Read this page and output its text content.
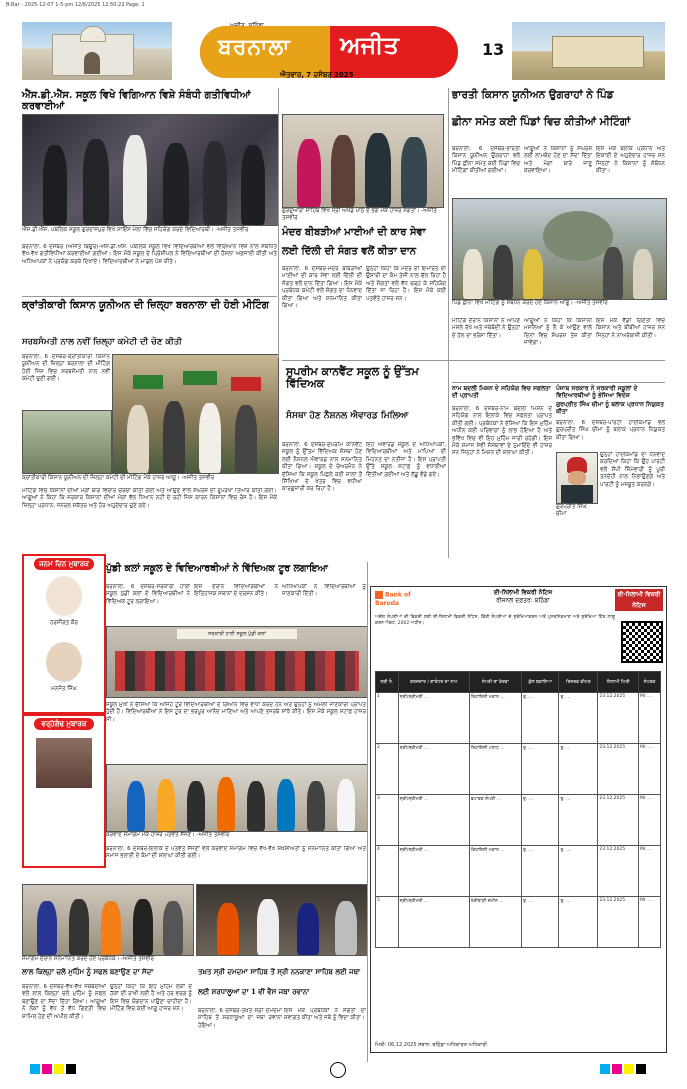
B-Bar - 2025-12-07 1-5-pm 12/6/2025 12:50:22 Page: 1
ਬਰਨਾਲਾ ਅਜੀਤ
ਐਤਵਾਰ, 7 ਦਸੰਬਰ 2025
13
ਐੱਸ.ਡੀ.ਐੱਸ. ਸਕੂਲ ਵਿਖੇ ਵਿਗਿਆਨ ਵਿਸ਼ੇ ਸੰਬੰਧੀ ਗਤੀਵਿਧੀਆਂ ਕਰਵਾਈਆਂ
ਐੱਸ.ਡੀ.ਐੱਸ. ਪਬਲਿਕ ਸਕੂਲ ਗੁਰਦਾਸਪੁਰ ਵਿਖੇ ਸਾਇੰਸ ਮੇਲਾ ਵਿੱਚ ਸਹਿਯੋਗ ਕਰਦੇ ਵਿਦਿਆਰਥੀ। -ਅਜੀਤ ਤਸਵੀਰ
ਬਰਨਾਲਾ, 6 ਦਸੰਬਰ (ਅਜੀਤ ਬਿਊਰੋ)-ਐੱਸ.ਡੀ.ਐੱਸ. ਪਬਲਿਕ ਸਕੂਲ ਵਿਖੇ ਵਿਦਿਆਰਥੀਆਂ ਵਲੋਂ ਵਿਗਿਆਨ ਵਿਸ਼ੇ ਨਾਲ ਸੰਬੰਧਿਤ ਵੱਖ-ਵੱਖ ਗਤੀਵਿਧੀਆਂ ਕਰਵਾਈਆਂ ਗਈਆਂ। ਇਸ ਮੌਕੇ ਸਕੂਲ ਦੇ ਪ੍ਰਿੰਸੀਪਲ ਨੇ ਵਿਦਿਆਰਥੀਆਂ ਦੀ ਹੌਸਲਾ ਅਫ਼ਜਾਈ ਕੀਤੀ ਅਤੇ ਅਧਿਆਪਕਾਂ ਨੇ ਪ੍ਰਯੋਗ ਕਰਕੇ ਦਿਖਾਏ। ਵਿਦਿਆਰਥੀਆਂ ਨੇ ਮਾਡਲ ਪੇਸ਼ ਕੀਤੇ।
ਕ੍ਰਾਂਤੀਕਾਰੀ ਕਿਸਾਨ ਯੂਨੀਅਨ ਦੀ ਜ਼ਿਲ੍ਹਾ ਬਰਨਾਲਾ ਦੀ ਹੋਈ ਮੀਟਿੰਗ
ਸਰਬਸੰਮਤੀ ਨਾਲ ਨਵੀਂ ਜ਼ਿਲ੍ਹਾ ਕਮੇਟੀ ਦੀ ਚੋਣ ਕੀਤੀ
ਬਰਨਾਲਾ, 6 ਦਸੰਬਰ-ਕ੍ਰਾਂਤੀਕਾਰੀ ਕਿਸਾਨ ਯੂਨੀਅਨ ਦੀ ਜ਼ਿਲ੍ਹਾ ਬਰਨਾਲਾ ਦੀ ਮੀਟਿੰਗ ਹੋਈ ਜਿਸ ਵਿਚ ਸਰਬਸੰਮਤੀ ਨਾਲ ਨਵੀਂ ਕਮੇਟੀ ਚੁਣੀ ਗਈ।
ਕ੍ਰਾਂਤੀਕਾਰੀ ਕਿਸਾਨ ਯੂਨੀਅਨ ਦੀ ਜ਼ਿਲ੍ਹਾ ਕਮੇਟੀ ਦੀ ਮੀਟਿੰਗ ਮੌਕੇ ਹਾਜ਼ਰ ਆਗੂ। -ਅਜੀਤ ਤਸਵੀਰ
ਮੀਟਿੰਗ ਵਿਚ ਕਿਸਾਨਾਂ ਦੀਆਂ ਮੰਗਾਂ ਬਾਰੇ ਵਿਚਾਰ ਚਰਚਾ ਕੀਤੀ ਗਈ ਅਤੇ ਆਉਣ ਵਾਲੇ ਸੰਘਰਸ਼ ਦੀ ਰੂਪਰੇਖਾ ਤਿਆਰ ਕੀਤੀ ਗਈ। ਆਗੂਆਂ ਨੇ ਕਿਹਾ ਕਿ ਸਰਕਾਰ ਕਿਸਾਨਾਂ ਦੀਆਂ ਮੰਗਾਂ ਵੱਲ ਧਿਆਨ ਨਹੀਂ ਦੇ ਰਹੀ ਜਿਸ ਕਾਰਨ ਕਿਸਾਨਾਂ ਵਿਚ ਰੋਸ ਹੈ। ਇਸ ਮੌਕੇ ਜ਼ਿਲ੍ਹਾ ਪ੍ਰਧਾਨ, ਜਨਰਲ ਸਕੱਤਰ ਅਤੇ ਹੋਰ ਅਹੁਦੇਦਾਰ ਚੁਣੇ ਗਏ।
ਗੁਰਦੁਆਰਾ ਸਾਹਿਬ ਵਿਖੇ ਸ੍ਰੀ ਅਖੰਡ ਪਾਠ ਦੇ ਭੋਗ ਮੌਕੇ ਹਾਜ਼ਰ ਸੰਗਤਾਂ। -ਅਜੀਤ ਤਸਵੀਰ
ਮੰਦਰ ਬੀਬੜੀਆਂ ਮਾਈਆਂ ਦੀ ਕਾਰ ਸੇਵਾ
ਲਈ ਦਿੱਲੀ ਦੀ ਸੰਗਤ ਵਲੋਂ ਕੀਤਾ ਦਾਨ
ਬਰਨਾਲਾ, 6 ਦਸੰਬਰ-ਮੰਦਰ ਬੀਬੜੀਆਂ ਮਾਈਆਂ ਦੀ ਕਾਰ ਸੇਵਾ ਲਈ ਦਿੱਲੀ ਦੀ ਸੰਗਤ ਵਲੋਂ ਦਾਨ ਦਿੱਤਾ ਗਿਆ। ਇਸ ਮੌਕੇ ਪ੍ਰਬੰਧਕ ਕਮੇਟੀ ਵਲੋਂ ਸੰਗਤ ਦਾ ਧੰਨਵਾਦ ਕੀਤਾ ਗਿਆ ਅਤੇ ਸਨਮਾਨਿਤ ਕੀਤਾ ਗਿਆ।
ਉਨ੍ਹਾਂ ਕਿਹਾ ਕਿ ਮੰਦਰ ਦੀ ਇਮਾਰਤ ਦੀ ਉਸਾਰੀ ਦਾ ਕੰਮ ਤੇਜ਼ੀ ਨਾਲ ਚੱਲ ਰਿਹਾ ਹੈ ਅਤੇ ਸੰਗਤਾਂ ਵਲੋਂ ਵੱਧ ਚੜ੍ਹ ਕੇ ਸਹਿਯੋਗ ਦਿੱਤਾ ਜਾ ਰਿਹਾ ਹੈ। ਇਸ ਮੌਕੇ ਕਈ ਪਤਵੰਤੇ ਹਾਜ਼ਰ ਸਨ।
ਸੁਪਰੀਮ ਕਾਨਵੈਂਟ ਸਕੂਲ ਨੂੰ ਉੱਤਮ ਵਿੱਦਿਅਕ
ਸੰਸਥਾ ਹੋਣ ਨੈਸ਼ਨਲ ਐਵਾਰਡ ਮਿਲਿਆ
ਬਰਨਾਲਾ, 6 ਦਸੰਬਰ-ਸੁਪਰੀਮ ਕਾਨਵੈਂਟ ਸਕੂਲ ਨੂੰ ਉੱਤਮ ਵਿੱਦਿਅਕ ਸੰਸਥਾ ਹੋਣ ਲਈ ਨੈਸ਼ਨਲ ਐਵਾਰਡ ਨਾਲ ਸਨਮਾਨਿਤ ਕੀਤਾ ਗਿਆ। ਸਕੂਲ ਦੇ ਚੇਅਰਮੈਨ ਨੇ ਦੱਸਿਆ ਕਿ ਸਕੂਲ ਪਿਛਲੇ ਕਈ ਸਾਲਾਂ ਤੋਂ ਸਿੱਖਿਆ ਦੇ ਖੇਤਰ ਵਿਚ ਵਧੀਆ ਕਾਰਗੁਜ਼ਾਰੀ ਕਰ ਰਿਹਾ ਹੈ।
ਇਹ ਐਵਾਰਡ ਸਕੂਲ ਦੇ ਅਧਿਆਪਕਾਂ, ਵਿਦਿਆਰਥੀਆਂ ਅਤੇ ਮਾਪਿਆਂ ਦੀ ਮਿਹਨਤ ਦਾ ਨਤੀਜਾ ਹੈ। ਇਸ ਪ੍ਰਾਪਤੀ ਉੱਤੇ ਸਕੂਲ ਸਟਾਫ਼ ਨੂੰ ਵਧਾਈਆਂ ਦਿੱਤੀਆਂ ਗਈਆਂ ਅਤੇ ਲੱਡੂ ਵੰਡੇ ਗਏ।
ਭਾਰਤੀ ਕਿਸਾਨ ਯੂਨੀਅਨ ਉਗਰਾਹਾਂ ਨੇ ਪਿੰਡ
ਛੀਨਾ ਸਮੇਤ ਕਈ ਪਿੰਡਾਂ ਵਿਚ ਕੀਤੀਆਂ ਮੀਟਿੰਗਾਂ
ਬਰਨਾਲਾ, 6 ਦਸੰਬਰ-ਭਾਰਤੀ ਕਿਸਾਨ ਯੂਨੀਅਨ ਉਗਰਾਹਾਂ ਵਲੋਂ ਪਿੰਡ ਛੀਨਾ ਸਮੇਤ ਕਈ ਪਿੰਡਾਂ ਵਿਚ ਮੀਟਿੰਗਾਂ ਕੀਤੀਆਂ ਗਈਆਂ।
ਆਗੂਆਂ ਨੇ ਕਿਸਾਨਾਂ ਨੂੰ ਸੰਘਰਸ਼ ਲਈ ਲਾਮਬੰਦ ਹੋਣ ਦਾ ਸੱਦਾ ਦਿੱਤਾ ਅਤੇ ਮੰਗਾਂ ਬਾਰੇ ਜਾਣੂ ਕਰਵਾਇਆ।
ਇਸ ਮੌਕੇ ਬਲਾਕ ਪ੍ਰਧਾਨ ਅਤੇ ਇਕਾਈ ਦੇ ਅਹੁਦੇਦਾਰ ਹਾਜ਼ਰ ਸਨ ਜਿਨ੍ਹਾਂ ਨੇ ਕਿਸਾਨਾਂ ਨੂੰ ਸੰਬੋਧਨ ਕੀਤਾ।
ਪਿੰਡ ਛੀਨਾ ਵਿਖੇ ਮੀਟਿੰਗ ਨੂੰ ਸੰਬੋਧਨ ਕਰਦੇ ਹੋਏ ਕਿਸਾਨ ਆਗੂ। -ਅਜੀਤ ਤਸਵੀਰ
ਮੀਟਿੰਗ ਦੌਰਾਨ ਕਿਸਾਨਾਂ ਨੇ ਆਪਣੇ ਮਸਲੇ ਰੱਖੇ ਅਤੇ ਜਥੇਬੰਦੀ ਨੇ ਉਨ੍ਹਾਂ ਦੇ ਹੱਲ ਦਾ ਭਰੋਸਾ ਦਿੱਤਾ।
ਆਗੂਆਂ ਨੇ ਕਿਹਾ ਕਿ ਕਿਸਾਨੀ ਮਸਲਿਆਂ ਨੂੰ ਲੈ ਕੇ ਆਉਣ ਵਾਲੇ ਦਿਨਾਂ ਵਿਚ ਸੰਘਰਸ਼ ਤੇਜ਼ ਕੀਤਾ ਜਾਵੇਗਾ।
ਇਸ ਮੌਕੇ ਵੱਡੀ ਗਿਣਤੀ ਵਿਚ ਕਿਸਾਨ ਅਤੇ ਬੀਬੀਆਂ ਹਾਜ਼ਰ ਸਨ ਜਿਨ੍ਹਾਂ ਨੇ ਨਾਅਰੇਬਾਜ਼ੀ ਕੀਤੀ।
ਨਾਮ ਬਦਲੀ ਮਿਸ਼ਨ ਦੇ ਸਹਿਯੋਗ ਵਿਚ ਸਫਲਤਾ ਦੀ ਪ੍ਰਾਪਤੀ
ਬਰਨਾਲਾ, 6 ਦਸੰਬਰ-ਨਾਮ ਬਦਲੀ ਮਿਸ਼ਨ ਦੇ ਸਹਿਯੋਗ ਨਾਲ ਇਲਾਕੇ ਵਿਚ ਸਫਲਤਾ ਪ੍ਰਾਪਤ ਕੀਤੀ ਗਈ। ਪ੍ਰਬੰਧਕਾਂ ਨੇ ਦੱਸਿਆ ਕਿ ਇਸ ਮੁਹਿੰਮ ਅਧੀਨ ਕਈ ਪਰਿਵਾਰਾਂ ਨੂੰ ਲਾਭ ਹੋਇਆ ਹੈ ਅਤੇ ਭਵਿੱਖ ਵਿਚ ਵੀ ਇਹ ਮੁਹਿੰਮ ਜਾਰੀ ਰਹੇਗੀ। ਇਸ ਮੌਕੇ ਸਮਾਜ ਸੇਵੀ ਸੰਸਥਾਵਾਂ ਦੇ ਨੁਮਾਇੰਦੇ ਵੀ ਹਾਜ਼ਰ ਸਨ ਜਿਨ੍ਹਾਂ ਨੇ ਮਿਸ਼ਨ ਦੀ ਸ਼ਲਾਘਾ ਕੀਤੀ।
ਪੰਜਾਬ ਸਰਕਾਰ ਨੇ ਸਰਕਾਰੀ ਸਕੂਲਾਂ ਦੇ ਵਿਦਿਆਰਥੀਆਂ ਨੂੰ ਭੇਜਿਆ ਵਿਦੇਸ਼
ਗੁਰਪ੍ਰੀਤ ਸਿੰਘ ਚੀਮਾ ਨੂੰ ਬਲਾਕ ਪ੍ਰਧਾਨ ਨਿਯੁਕਤ ਕੀਤਾ
ਬਰਨਾਲਾ, 6 ਦਸੰਬਰ-ਪਾਰਟੀ ਹਾਈਕਮਾਂਡ ਵਲੋਂ ਗੁਰਪ੍ਰੀਤ ਸਿੰਘ ਚੀਮਾ ਨੂੰ ਬਲਾਕ ਪ੍ਰਧਾਨ ਨਿਯੁਕਤ ਕੀਤਾ ਗਿਆ।
ਗੁਰਪ੍ਰੀਤ ਸਿੰਘ ਚੀਮਾ
ਉਨ੍ਹਾਂ ਹਾਈਕਮਾਂਡ ਦਾ ਧੰਨਵਾਦ ਕਰਦਿਆਂ ਕਿਹਾ ਕਿ ਉਹ ਪਾਰਟੀ ਵਲੋਂ ਸੌਂਪੀ ਜ਼ਿੰਮੇਵਾਰੀ ਨੂੰ ਪੂਰੀ ਤਨਦੇਹੀ ਨਾਲ ਨਿਭਾਉਣਗੇ ਅਤੇ ਪਾਰਟੀ ਨੂੰ ਮਜ਼ਬੂਤ ਕਰਨਗੇ।
ਜਨਮ ਦਿਨ ਮੁਬਾਰਕ
ਹਰਸੀਰਤ ਕੌਰ
ਮਨਜੋਤ ਸਿੰਘ
ਵਰ੍ਹੇਗੰਢ ਮੁਬਾਰਕ
ਪੁੱਡੀ ਕਲਾਂ ਸਕੂਲ ਦੇ ਵਿਦਿਆਰਥੀਆਂ ਨੇ ਵਿੱਦਿਅਕ ਟੂਰ ਲਗਾਇਆ
ਬਰਨਾਲਾ, 6 ਦਸੰਬਰ-ਸਰਕਾਰੀ ਹਾਈ ਸਕੂਲ ਪੁੱਡੀ ਕਲਾਂ ਦੇ ਵਿਦਿਆਰਥੀਆਂ ਨੇ ਵਿੱਦਿਅਕ ਟੂਰ ਲਗਾਇਆ।
ਇਸ ਦੌਰਾਨ ਵਿਦਿਆਰਥੀਆਂ ਨੇ ਇਤਿਹਾਸਕ ਸਥਾਨਾਂ ਦੇ ਦਰਸ਼ਨ ਕੀਤੇ।
ਅਧਿਆਪਕਾਂ ਨੇ ਵਿਦਿਆਰਥੀਆਂ ਨੂੰ ਜਾਣਕਾਰੀ ਦਿੱਤੀ।
ਸਰਕਾਰੀ ਹਾਈ ਸਕੂਲ ਪੁੱਡੀ ਕਲਾਂ
ਸਕੂਲ ਮੁਖੀ ਨੇ ਦੱਸਿਆ ਕਿ ਅਜਿਹੇ ਟੂਰ ਵਿਦਿਆਰਥੀਆਂ ਦੇ ਗਿਆਨ ਵਿਚ ਵਾਧਾ ਕਰਦੇ ਹਨ ਅਤੇ ਉਨ੍ਹਾਂ ਨੂੰ ਅਮਲੀ ਜਾਣਕਾਰੀ ਪ੍ਰਾਪਤ ਹੁੰਦੀ ਹੈ। ਵਿਦਿਆਰਥੀਆਂ ਨੇ ਇਸ ਟੂਰ ਦਾ ਭਰਪੂਰ ਆਨੰਦ ਮਾਣਿਆ ਅਤੇ ਆਪਣੇ ਤਜਰਬੇ ਸਾਂਝੇ ਕੀਤੇ। ਇਸ ਮੌਕੇ ਸਕੂਲ ਸਟਾਫ਼ ਹਾਜ਼ਰ ਸੀ।
ਕਰਵਾਏ ਸਮਾਗਮ ਮੌਕੇ ਹਾਜ਼ਰ ਪਤਵੰਤੇ ਸੱਜਣ। -ਅਜੀਤ ਤਸਵੀਰ
ਬਰਨਾਲਾ, 6 ਦਸੰਬਰ-ਇਲਾਕੇ ਦੇ ਪਤਵੰਤੇ ਸੱਜਣਾਂ ਵਲੋਂ ਕਰਵਾਏ ਸਮਾਗਮ ਵਿਚ ਵੱਖ-ਵੱਖ ਸ਼ਖ਼ਸੀਅਤਾਂ ਨੂੰ ਸਨਮਾਨਿਤ ਕੀਤਾ ਗਿਆ ਅਤੇ ਸਮਾਜ ਭਲਾਈ ਦੇ ਕੰਮਾਂ ਦੀ ਸ਼ਲਾਘਾ ਕੀਤੀ ਗਈ।
ਸਮਾਗਮ ਦੌਰਾਨ ਸਨਮਾਨਿਤ ਕਰਦੇ ਹੋਏ ਪ੍ਰਬੰਧਕ। -ਅਜੀਤ ਤਸਵੀਰ
ਲਾਲ ਕਿਲ੍ਹਾ ਚਲੋ ਮੁਹਿੰਮ ਨੂੰ ਸਫਲ ਬਣਾਉਣ ਦਾ ਸੱਦਾ
ਬਰਨਾਲਾ, 6 ਦਸੰਬਰ-ਵੱਖ-ਵੱਖ ਜਥੇਬੰਦੀਆਂ ਵਲੋਂ ਲਾਲ ਕਿਲ੍ਹਾ ਚਲੋ ਮੁਹਿੰਮ ਨੂੰ ਸਫਲ ਬਣਾਉਣ ਦਾ ਸੱਦਾ ਦਿੱਤਾ ਗਿਆ। ਆਗੂਆਂ ਨੇ ਲੋਕਾਂ ਨੂੰ ਵੱਧ ਤੋਂ ਵੱਧ ਗਿਣਤੀ ਵਿਚ ਸ਼ਾਮਿਲ ਹੋਣ ਦੀ ਅਪੀਲ ਕੀਤੀ।
ਉਨ੍ਹਾਂ ਕਿਹਾ ਕਿ ਇਹ ਮੁਹਿੰਮ ਲੋਕਾਂ ਦੇ ਹੱਕਾਂ ਦੀ ਰਾਖੀ ਲਈ ਹੈ ਅਤੇ ਹਰ ਵਰਗ ਨੂੰ ਇਸ ਵਿਚ ਯੋਗਦਾਨ ਪਾਉਣਾ ਚਾਹੀਦਾ ਹੈ। ਮੀਟਿੰਗ ਵਿਚ ਕਈ ਆਗੂ ਹਾਜ਼ਰ ਸਨ।
ਤਖ਼ਤ ਸ੍ਰੀ ਦਮਦਮਾ ਸਾਹਿਬ ਤੋਂ ਸ੍ਰੀ ਨਨਕਾਣਾ ਸਾਹਿਬ ਲਈ ਜਥਾ
ਲਈ ਸ਼ਰਧਾਲੂਆਂ ਦਾ 1 ਵੀਂ ਵੈਸ ਜਥਾ ਰਵਾਨਾ
ਬਰਨਾਲਾ, 6 ਦਸੰਬਰ-ਤਖ਼ਤ ਸ੍ਰੀ ਦਮਦਮਾ ਸਾਹਿਬ ਤੋਂ ਸ਼ਰਧਾਲੂਆਂ ਦਾ ਜਥਾ ਰਵਾਨਾ ਹੋਇਆ।
ਇਸ ਮੌਕੇ ਪ੍ਰਬੰਧਕਾਂ ਨੇ ਸੰਗਤਾਂ ਦਾ ਸਵਾਗਤ ਕੀਤਾ ਅਤੇ ਜਥੇ ਨੂੰ ਵਿਦਾ ਕੀਤਾ।
Bank of Baroda
ਈ-ਨਿਲਾਮੀ ਵਿਕਰੀ ਨੋਟਿਸ
ਰੀਜਨਲ ਦਫ਼ਤਰ: ਬਠਿੰਡਾ
ਈ-ਨਿਲਾਮੀ ਵਿਕਰੀ ਨੋਟਿਸ
ਅਚੱਲ ਸੰਪਤੀਆਂ ਦੀ ਵਿਕਰੀ ਲਈ ਈ-ਨਿਲਾਮੀ ਵਿਕਰੀ ਨੋਟਿਸ, ਵਿੱਤੀ ਸੰਪਤੀਆਂ ਦੇ ਸੁਰੱਖਿਆਕਰਨ ਅਤੇ ਪੁਨਰਨਿਰਮਾਣ ਅਤੇ ਸੁਰੱਖਿਆ ਹਿੱਤ ਲਾਗੂ ਕਰਨ ਐਕਟ, 2002 ਅਧੀਨ।
ਲੜੀ ਨੰ.	ਕਰਜ਼ਦਾਰ / ਗਾਰੰਟਰ ਦਾ ਨਾਮ	ਸੰਪਤੀ ਦਾ ਵੇਰਵਾ	ਕੁੱਲ ਬਕਾਇਆ	ਰਿਜ਼ਰਵ ਕੀਮਤ	ਨਿਲਾਮੀ ਮਿਤੀ	ਸੰਪਰਕ
1	ਸ੍ਰੀ/ਸ੍ਰੀਮਤੀ ...	ਰਿਹਾਇਸ਼ੀ ਮਕਾਨ ...	ਰੁ. ...	ਰੁ. ...	23.12.2025	Mr. ...
2	ਸ੍ਰੀ/ਸ੍ਰੀਮਤੀ ...	ਰਿਹਾਇਸ਼ੀ ਪਲਾਟ ...	ਰੁ. ...	ਰੁ. ...	23.12.2025	Mr. ...
3	ਸ੍ਰੀ/ਸ੍ਰੀਮਤੀ ...	ਵਪਾਰਕ ਸੰਪਤੀ ...	ਰੁ. ...	ਰੁ. ...	23.12.2025	Mr. ...
4	ਸ੍ਰੀ/ਸ੍ਰੀਮਤੀ ...	ਰਿਹਾਇਸ਼ੀ ਮਕਾਨ ...	ਰੁ. ...	ਰੁ. ...	23.12.2025	Mr. ...
5	ਸ੍ਰੀ/ਸ੍ਰੀਮਤੀ ...	ਖੇਤੀਬਾੜੀ ਜ਼ਮੀਨ ...	ਰੁ. ...	ਰੁ. ...	23.12.2025	Mr. ...
ਮਿਤੀ: 06.12.2025 ਸਥਾਨ: ਬਠਿੰਡਾ ਅਧਿਕਾਰਤ ਅਧਿਕਾਰੀ
